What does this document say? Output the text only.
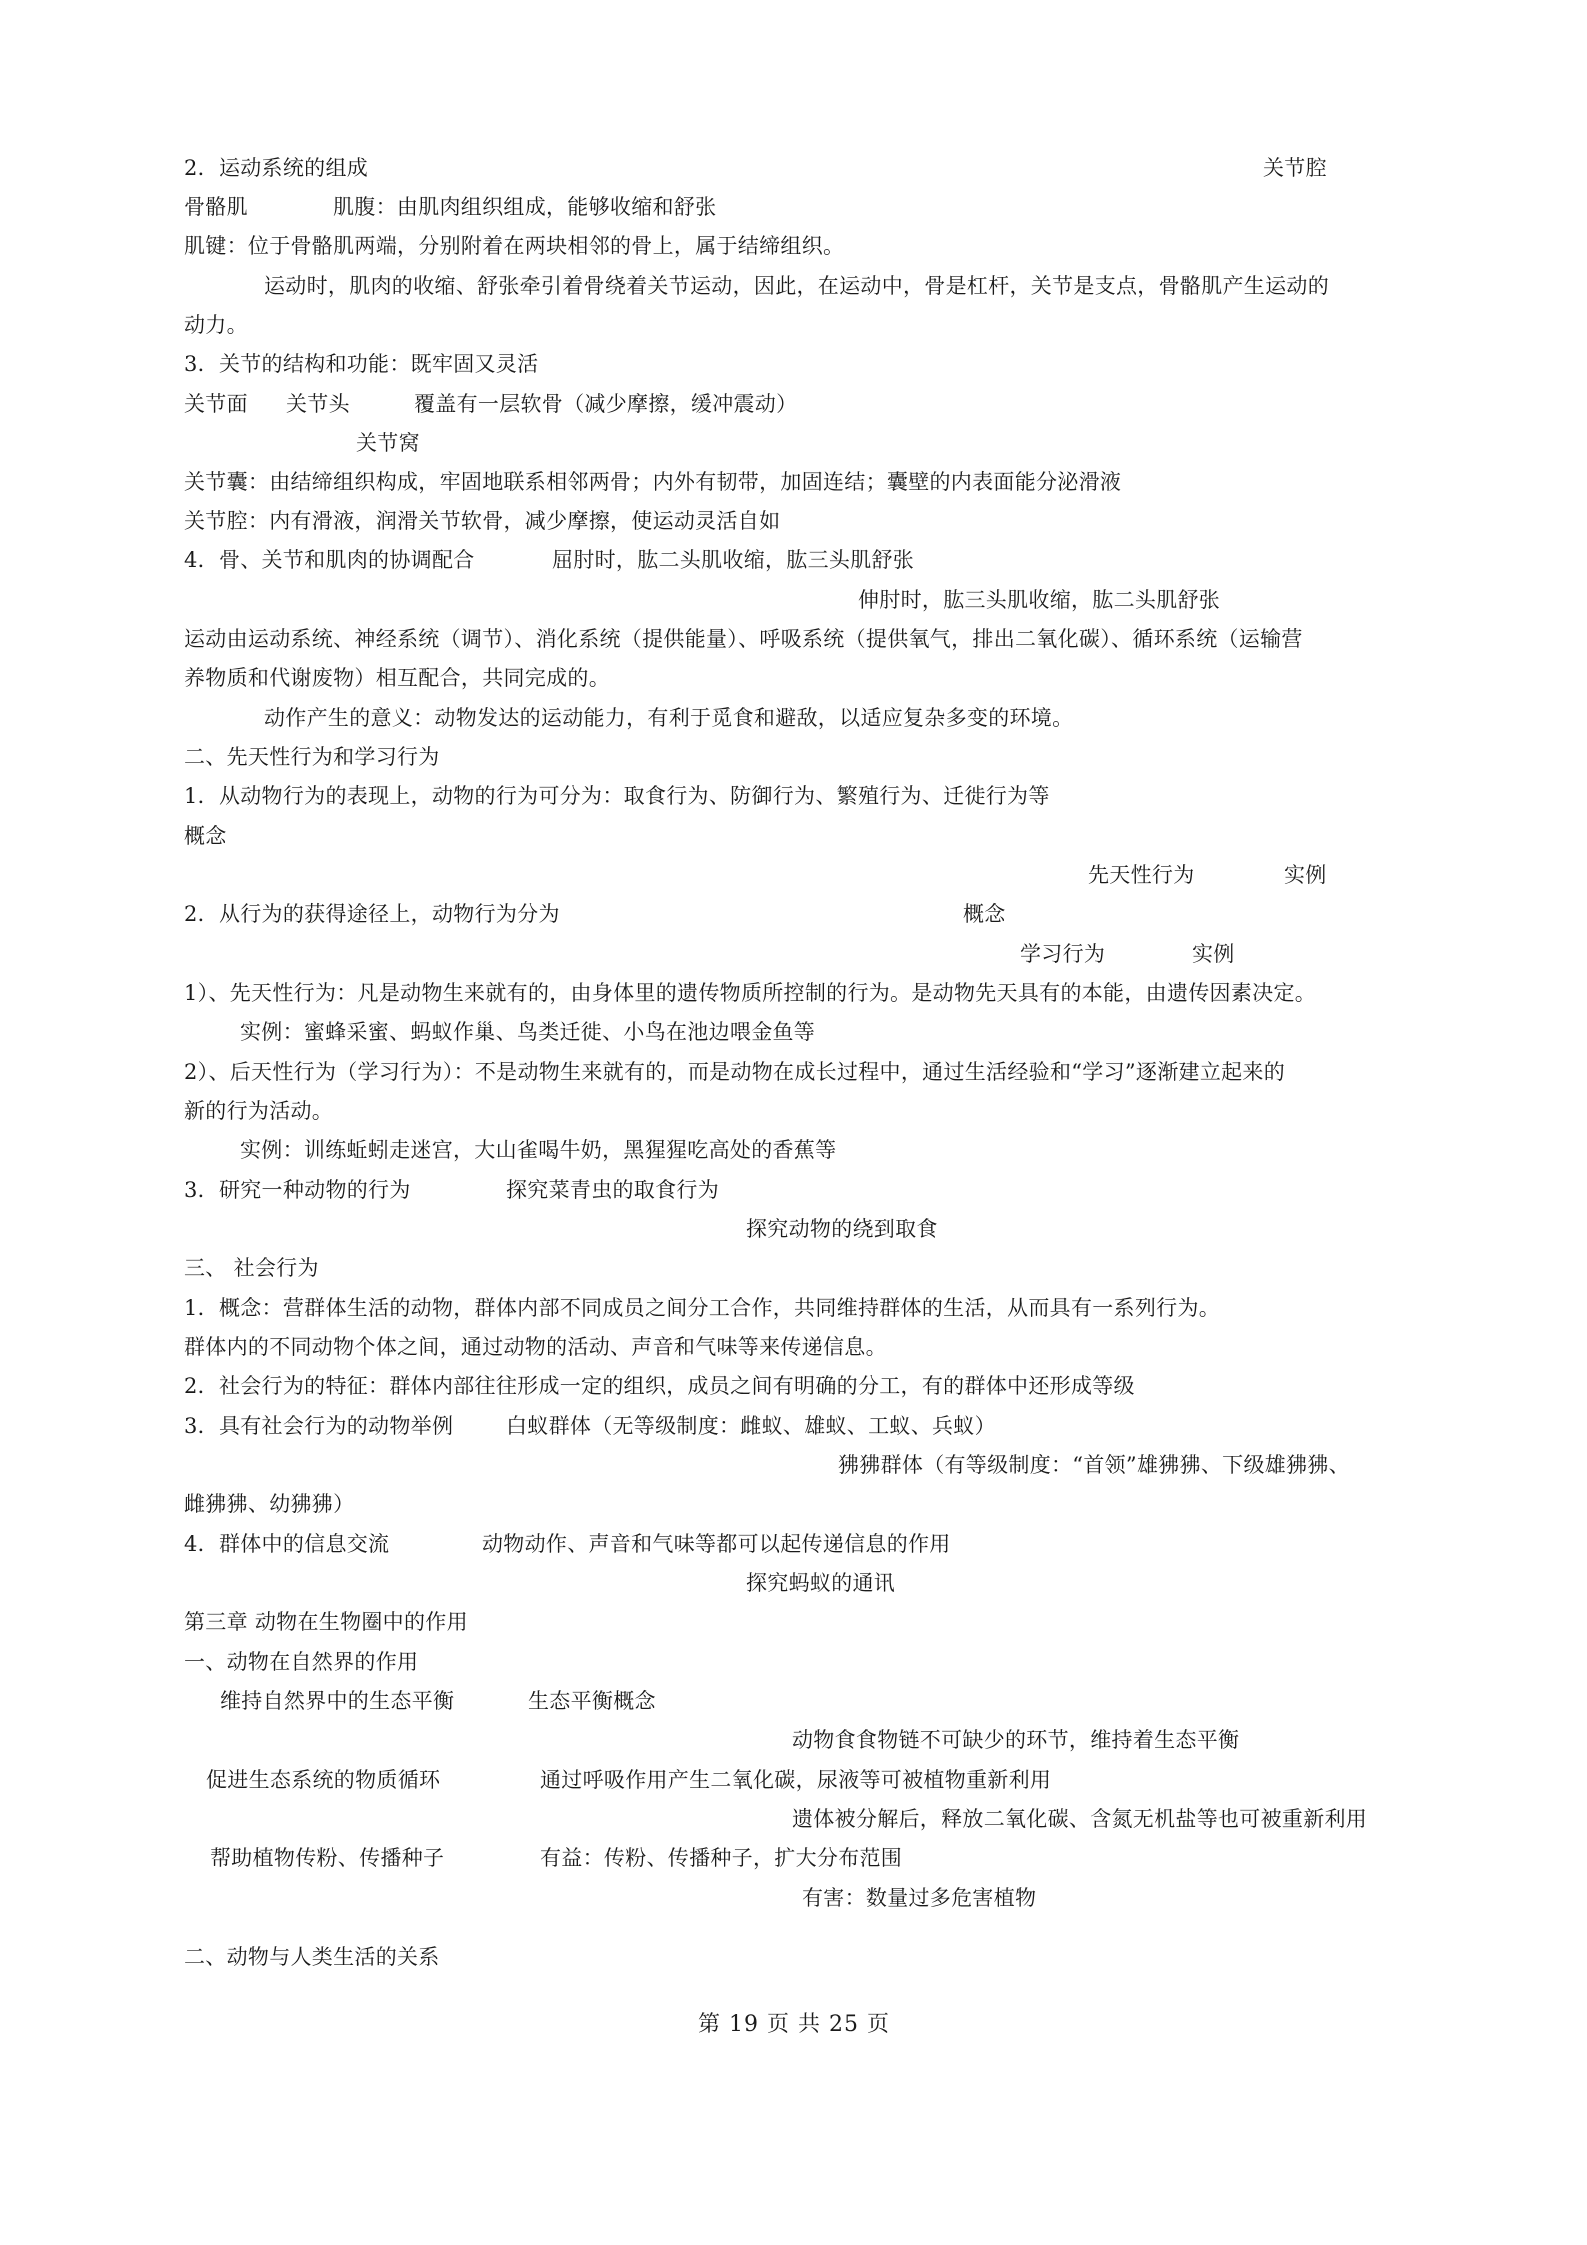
2．运动系统的组成	关节腔
骨骼肌	肌腹：由肌肉组织组成，能够收缩和舒张
肌键：位于骨骼肌两端，分别附着在两块相邻的骨上，属于结缔组织。
运动时，肌肉的收缩、舒张牵引着骨绕着关节运动，因此，在运动中，骨是杠杆，关节是支点，骨骼肌产生运动的
动力。
3．关节的结构和功能：既牢固又灵活
关节面 关节头	覆盖有一层软骨（减少摩擦，缓冲震动）
关节窝
关节囊：由结缔组织构成，牢固地联系相邻两骨；内外有韧带，加固连结；囊壁的内表面能分泌滑液
关节腔：内有滑液，润滑关节软骨，减少摩擦，使运动灵活自如
4．骨、关节和肌肉的协调配合	屈肘时，肱二头肌收缩，肱三头肌舒张
伸肘时，肱三头肌收缩，肱二头肌舒张
运动由运动系统、神经系统（调节）、消化系统（提供能量）、呼吸系统（提供氧气，排出二氧化碳）、循环系统（运输营
养物质和代谢废物）相互配合，共同完成的。
动作产生的意义：动物发达的运动能力，有利于觅食和避敌，以适应复杂多变的环境。
二、先天性行为和学习行为
1．从动物行为的表现上，动物的行为可分为：取食行为、防御行为、繁殖行为、迁徙行为等
概念
先天性行为	实例
2．从行为的获得途径上，动物行为分为	概念
学习行为	实例
1）、先天性行为：凡是动物生来就有的，由身体里的遗传物质所控制的行为。是动物先天具有的本能，由遗传因素决定。
实例：蜜蜂采蜜、蚂蚁作巢、鸟类迁徙、小鸟在池边喂金鱼等
2）、后天性行为（学习行为）：不是动物生来就有的，而是动物在成长过程中，通过生活经验和“学习”逐渐建立起来的
新的行为活动。
实例：训练蚯蚓走迷宫，大山雀喝牛奶，黑猩猩吃高处的香蕉等
3．研究一种动物的行为	探究菜青虫的取食行为
探究动物的绕到取食
三、 社会行为
1．概念：营群体生活的动物，群体内部不同成员之间分工合作，共同维持群体的生活，从而具有一系列行为。
群体内的不同动物个体之间，通过动物的活动、声音和气味等来传递信息。
2．社会行为的特征：群体内部往往形成一定的组织，成员之间有明确的分工，有的群体中还形成等级
3．具有社会行为的动物举例	白蚁群体（无等级制度：雌蚁、雄蚁、工蚁、兵蚁）
狒狒群体（有等级制度：“首领”雄狒狒、下级雄狒狒、
雌狒狒、幼狒狒）
4．群体中的信息交流	动物动作、声音和气味等都可以起传递信息的作用
探究蚂蚁的通讯
第三章 动物在生物圈中的作用
一、动物在自然界的作用
维持自然界中的生态平衡	生态平衡概念
动物食食物链不可缺少的环节，维持着生态平衡
促进生态系统的物质循环	通过呼吸作用产生二氧化碳，尿液等可被植物重新利用
遗体被分解后，释放二氧化碳、含氮无机盐等也可被重新利用
帮助植物传粉、传播种子	有益：传粉、传播种子，扩大分布范围
有害：数量过多危害植物
二、动物与人类生活的关系
第 19 页 共 25 页
